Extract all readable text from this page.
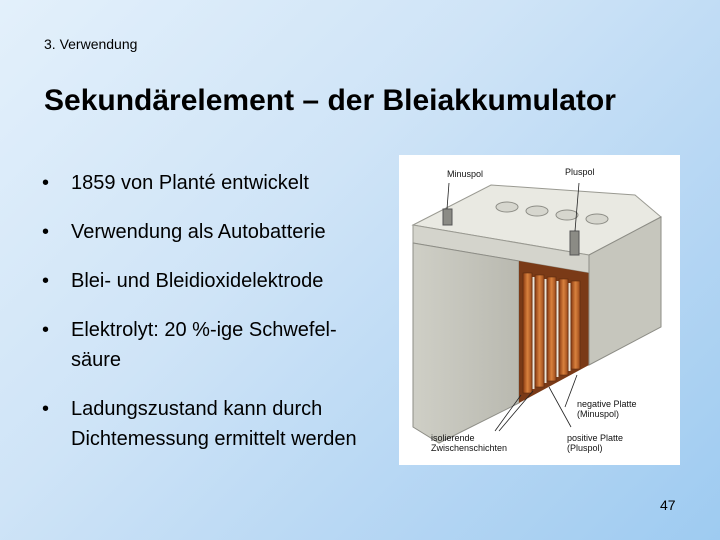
3. Verwendung
Sekundärelement – der Bleiakkumulator
• 1859 von Planté entwickelt
• Verwendung als Autobatterie
• Blei- und Bleidioxidelektrode
• Elektrolyt: 20 %-ige Schwefel- säure
• Ladungszustand kann durch Dichtemessung ermittelt werden
Minuspol	Pluspol
negative Platte
(Minuspol)
positive Platte
(Pluspol)
isolierende
Zwischenschichten
47
